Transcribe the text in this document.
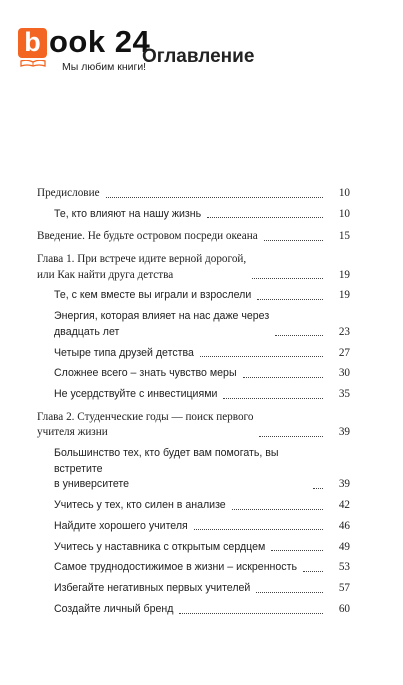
b ook 24
Мы любим книги!
Оглавление
Предисловие	10
Те, кто влияют на нашу жизнь	10
Введение. Не будьте островом посреди океана	15
Глава 1. При встрече идите верной дорогой,
или Как найти друга детства	19
Те, с кем вместе вы играли и взрослели	19
Энергия, которая влияет на нас даже через
двадцать лет	23
Четыре типа друзей детства	27
Сложнее всего – знать чувство меры	30
Не усердствуйте с инвестициями	35
Глава 2. Студенческие годы — поиск первого
учителя жизни	39
Большинство тех, кто будет вам помогать, вы встретите
в университете	39
Учитесь у тех, кто силен в анализе	42
Найдите хорошего учителя	46
Учитесь у наставника с открытым сердцем	49
Самое труднодостижимое в жизни – искренность	53
Избегайте негативных первых учителей	57
Создайте личный бренд	60
